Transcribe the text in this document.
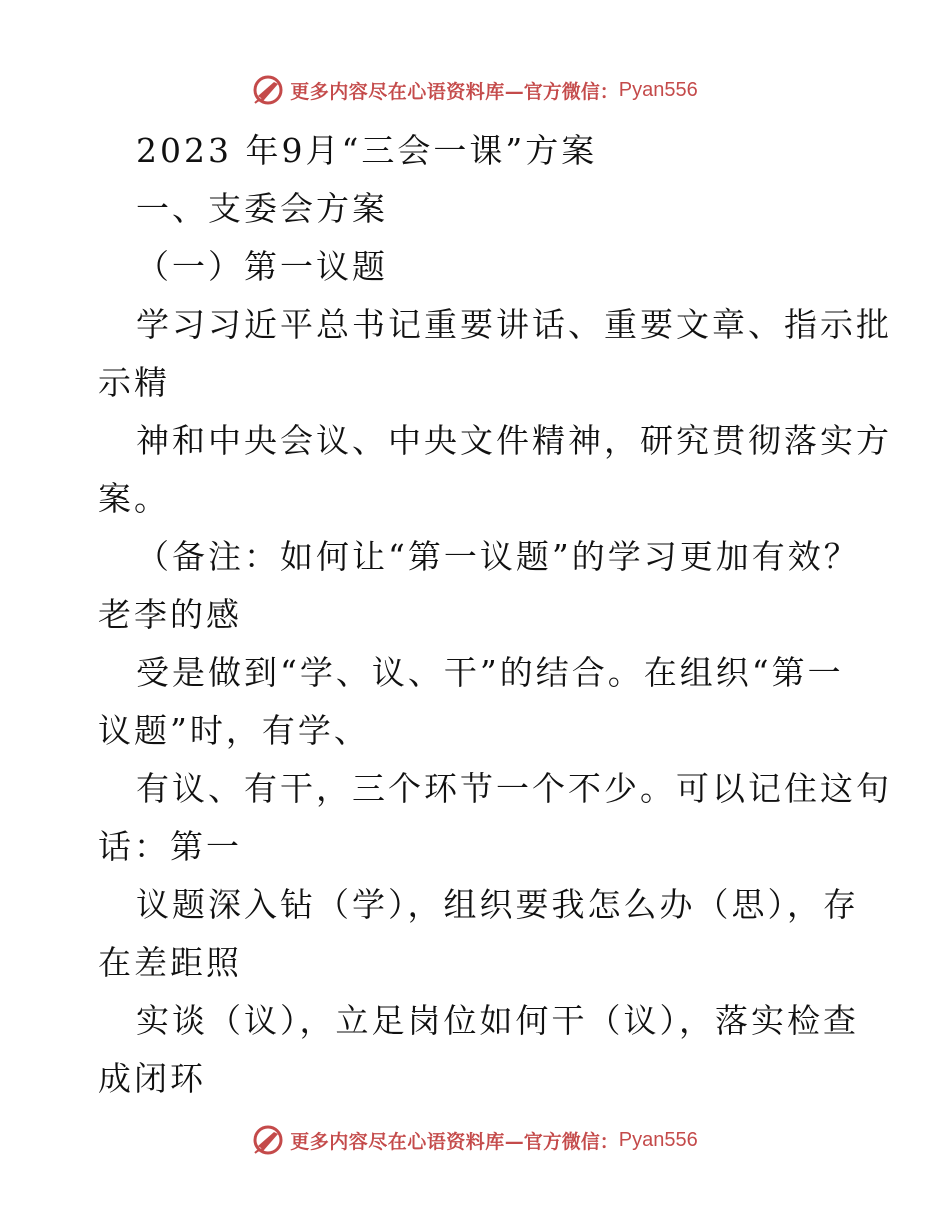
更多内容尽在心语资料库 —官方微信： Pyan556
2023 年9月“三会一课”方案
一、支委会方案
（一）第一议题
学习习近平总书记重要讲话、重要文章、指示批
示精
神和中央会议、中央文件精神，研究贯彻落实方
案。
（备注：如何让“第一议题”的学习更加有效？
老李的感
受是做到“学、议、干”的结合。在组织“第一
议题”时，有学、
有议、有干，三个环节一个不少。可以记住这句
话：第一
议题深入钻（学），组织要我怎么办（思），存
在差距照
实谈（议），立足岗位如何干（议），落实检查
成闭环
更多内容尽在心语资料库 —官方微信： Pyan556
